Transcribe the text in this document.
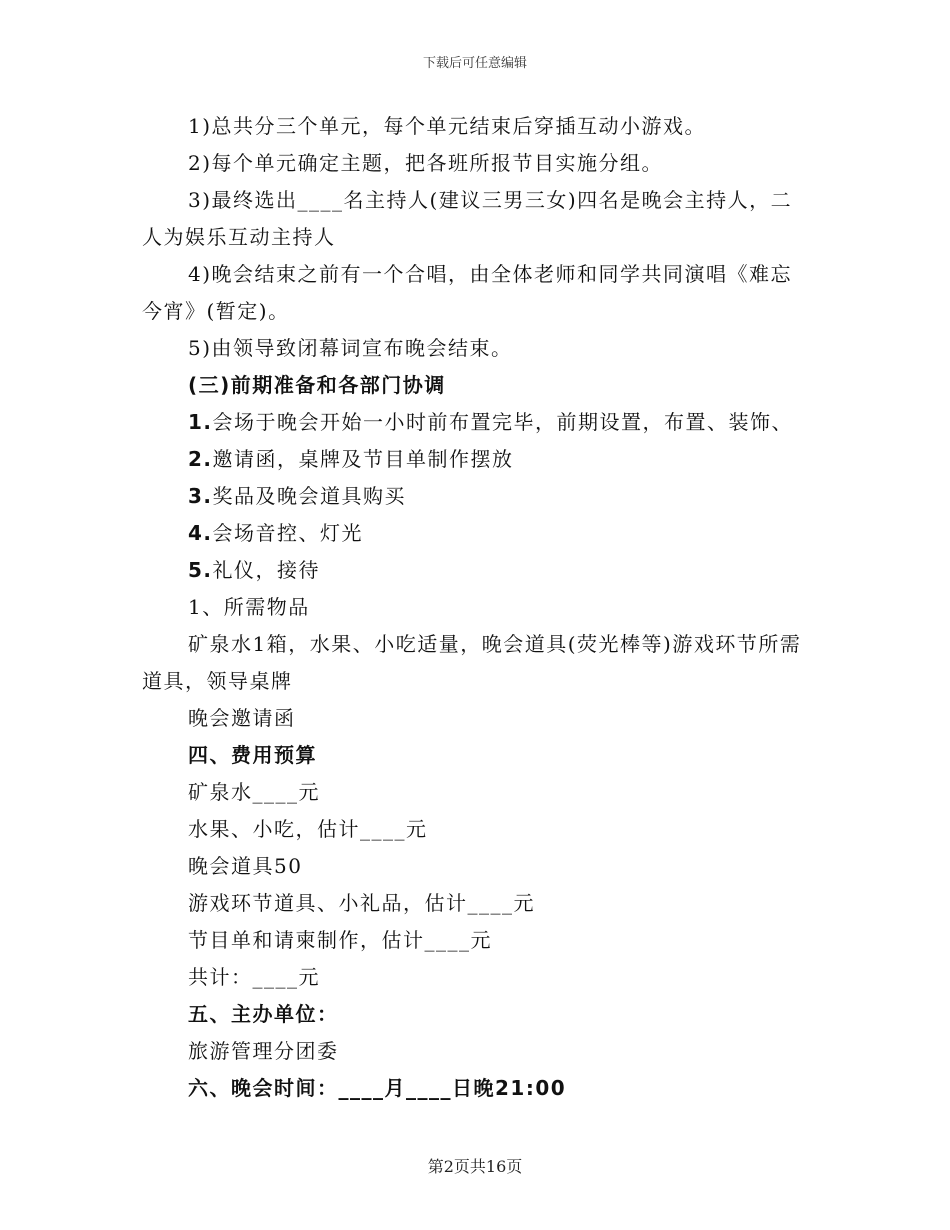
下载后可任意编辑

1)总共分三个单元，每个单元结束后穿插互动小游戏。

2)每个单元确定主题，把各班所报节目实施分组。

3)最终选出____名主持人(建议三男三女)四名是晚会主持人，二人为娱乐互动主持人

4)晚会结束之前有一个合唱，由全体老师和同学共同演唱《难忘今宵》(暂定)。

5)由领导致闭幕词宣布晚会结束。

(三)前期准备和各部门协调

1.会场于晚会开始一小时前布置完毕，前期设置，布置、装饰、

2.邀请函，桌牌及节目单制作摆放

3.奖品及晚会道具购买

4.会场音控、灯光

5.礼仪，接待

1、所需物品

矿泉水1箱，水果、小吃适量，晚会道具(荧光棒等)游戏环节所需道具，领导桌牌

晚会邀请函

四、费用预算

矿泉水____元

水果、小吃，估计____元

晚会道具50

游戏环节道具、小礼品，估计____元

节目单和请柬制作，估计____元

共计：____元

五、主办单位：

旅游管理分团委

六、晚会时间：____月____日晚21:00

第2页共16页
